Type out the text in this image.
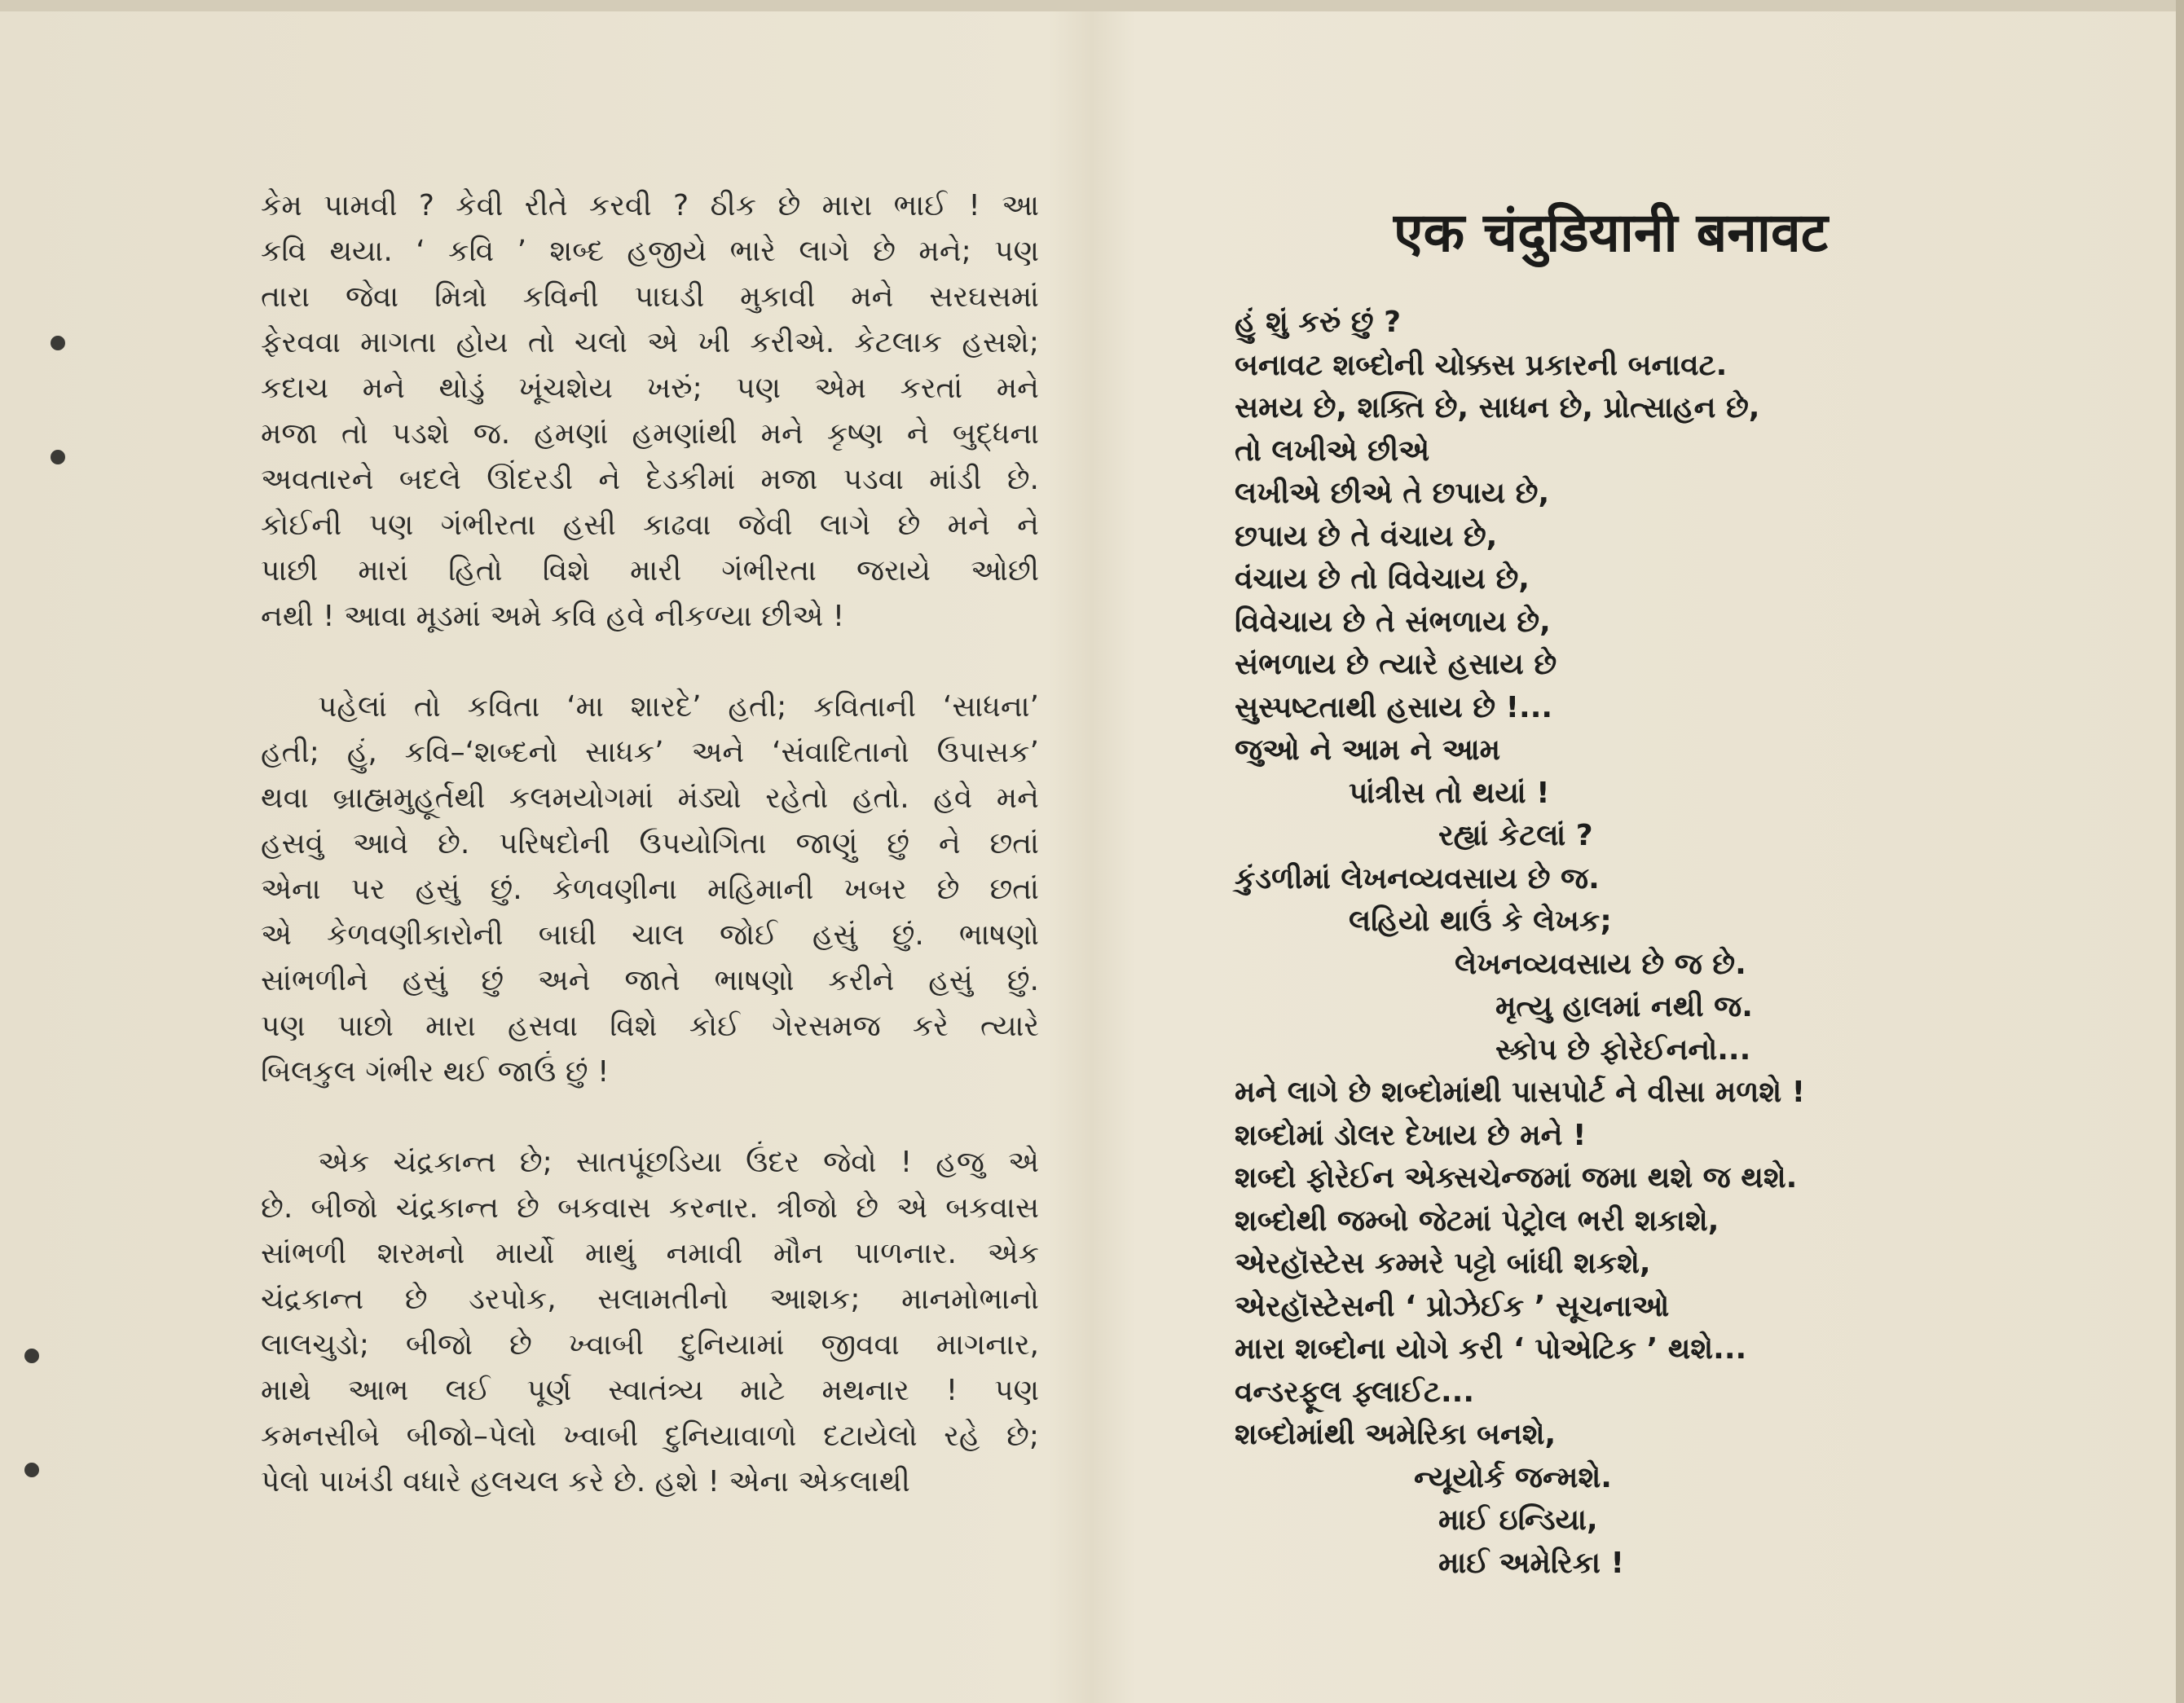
કેમ પામવી ? કેવી રીતે કરવી ? ઠીક છે મારા ભાઈ ! આ
કવિ થયા. ‘ કવિ ’ શબ્દ હજીયે ભારે લાગે છે મને; પણ
તારા જેવા મિત્રો કવિની પાઘડી મુકાવી મને સરઘસમાં
ફેરવવા માગતા હોય તો ચલો એ ખી કરીએ. કેટલાક હસશે;
કદાચ મને થોડું ખૂંચશેય ખરું; પણ એમ કરતાં મને
મજા તો પડશે જ. હમણાં હમણાંથી મને કૃષ્ણ ને બુદ્ધના
અવતારને બદલે ઊંદરડી ને દેડકીમાં મજા પડવા માંડી છે.
કોઈની પણ ગંભીરતા હસી કાઢવા જેવી લાગે છે મને ને
પાછી મારાં હિતો વિશે મારી ગંભીરતા જરાયે ઓછી
નથી ! આવા મૂડમાં અમે કવિ હવે નીકળ્યા છીએ !
પહેલાં તો કવિતા ‘મા શારદે’ હતી; કવિતાની ‘સાધના’
હતી; હું, કવિ–‘શબ્દનો સાધક’ અને ‘સંવાદિતાનો ઉપાસક’
થવા બ્રાહ્મમુહૂર્તથી કલમયોગમાં મંડ્યો રહેતો હતો. હવે મને
હસવું આવે છે. પરિષદોની ઉપયોગિતા જાણું છું ને છતાં
એના પર હસું છું. કેળવણીના મહિમાની ખબર છે છતાં
એ કેળવણીકારોની બાઘી ચાલ જોઈ હસું છું. ભાષણો
સાંભળીને હસું છું અને જાતે ભાષણો કરીને હસું છું.
પણ પાછો મારા હસવા વિશે કોઈ ગેરસમજ કરે ત્યારે
બિલકુલ ગંભીર થઈ જાઉં છું !
એક ચંદ્રકાન્ત છે; સાતપૂંછડિયા ઉંદર જેવો ! હજુ એ
છે. બીજો ચંદ્રકાન્ત છે બકવાસ કરનાર. ત્રીજો છે એ બકવાસ
સાંભળી શરમનો માર્યો માથું નમાવી મૌન પાળનાર. એક
ચંદ્રકાન્ત છે ડરપોક, સલામતીનો આશક; માનમોભાનો
લાલચુડો; બીજો છે ખ્વાબી દુનિયામાં જીવવા માગનાર,
માથે આભ લઈ પૂર્ણ સ્વાતંત્ર્ય માટે મથનાર ! પણ
કમનસીબે બીજો–પેલો ખ્વાબી દુનિયાવાળો દટાયેલો રહે છે;
પેલો પાખંડી વધારે હલચલ કરે છે. હશે ! એના એકલાથી
एक चंदुडियानी बनावट
હું શું કરું છું ?
બનાવટ શબ્દોની ચોક્કસ પ્રકારની બનાવટ.
સમય છે, શક્તિ છે, સાધન છે, પ્રોત્સાહન છે,
તો લખીએ છીએ
લખીએ છીએ તે છપાય છે,
છપાય છે તે વંચાય છે,
વંચાય છે તો વિવેચાય છે,
વિવેચાય છે તે સંભળાય છે,
સંભળાય છે ત્યારે હસાય છે
સુસ્પષ્ટતાથી હસાય છે !...
જુઓ ને આમ ને આમ
પાંત્રીસ તો થયાં !
રહ્યાં કેટલાં ?
કુંડળીમાં લેખનવ્યવસાય છે જ.
લહિયો થાઉં કે લેખક;
લેખનવ્યવસાય છે જ છે.
મૃત્યુ હાલમાં નથી જ.
સ્કોપ છે ફોરેઈનનો...
મને લાગે છે શબ્દોમાંથી પાસપોર્ટ ને વીસા મળશે !
શબ્દોમાં ડોલર દેખાય છે મને !
શબ્દો ફોરેઈન એક્સચેન્જમાં જમા થશે જ થશે.
શબ્દોથી જમ્બો જેટમાં પેટ્રોલ ભરી શકાશે,
એરહૉસ્ટેસ કમ્મરે પટ્ટો બાંધી શકશે,
એરહૉસ્ટેસની ‘ પ્રોઝેઈક ’ સૂચનાઓ
મારા શબ્દોના યોગે કરી ‘ પોએટિક ’ થશે...
વન્ડરફૂલ ફ્લાઈટ...
શબ્દોમાંથી અમેરિકા બનશે,
ન્યૂયોર્ક જન્મશે.
માઈ ઇન્ડિયા,
માઈ અમેરિકા !
